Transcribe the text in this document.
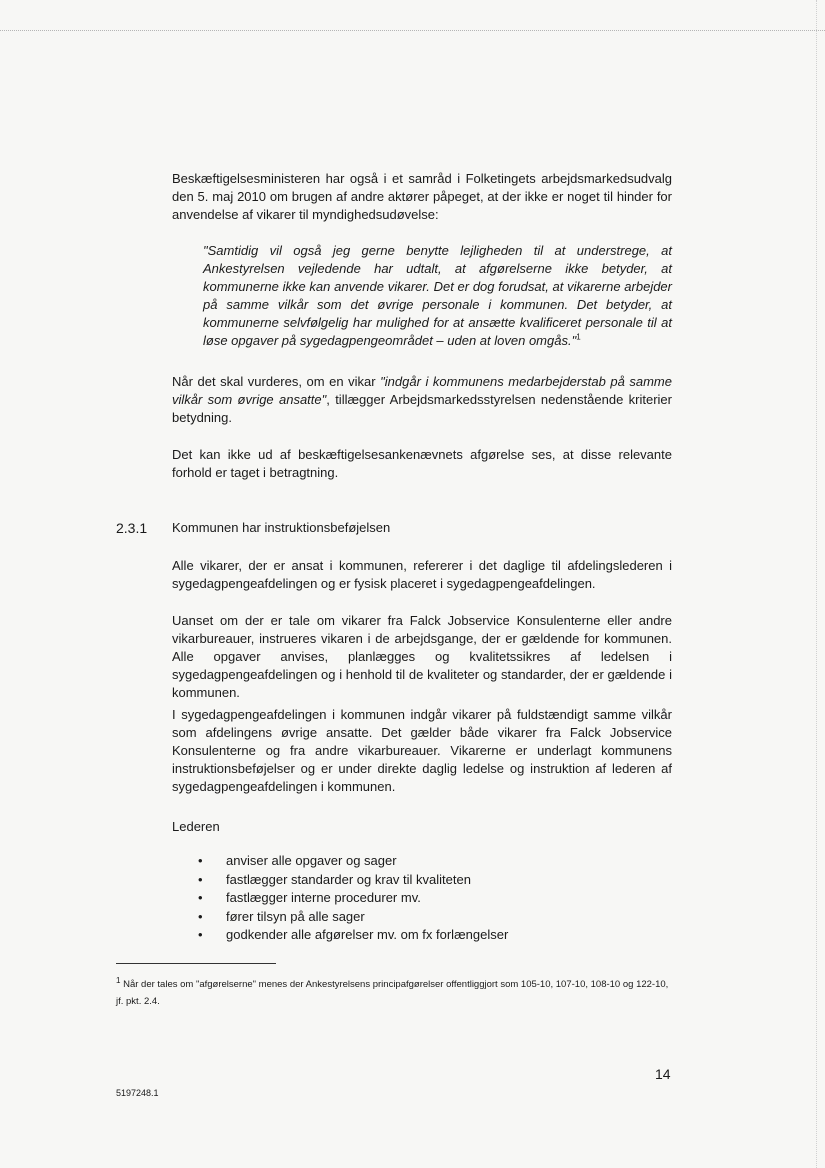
Beskæftigelsesministeren har også i et samråd i Folketingets arbejdsmarkedsudvalg den 5. maj 2010 om brugen af andre aktører påpeget, at der ikke er noget til hinder for anvendelse af vikarer til myndighedsudøvelse:

"Samtidig vil også jeg gerne benytte lejligheden til at understrege, at Ankestyrelsen vejledende har udtalt, at afgørelserne ikke betyder, at kommunerne ikke kan anvende vikarer. Det er dog forudsat, at vikarerne arbejder på samme vilkår som det øvrige personale i kommunen. Det betyder, at kommunerne selvfølgelig har mulighed for at ansætte kvalificeret personale til at løse opgaver på sygedagpengeområdet – uden at loven omgås."$^1$

Når det skal vurderes, om en vikar "indgår i kommunens medarbejderstab på samme vilkår som øvrige ansatte", tillægger Arbejdsmarkedsstyrelsen nedenstående kriterier betydning.

Det kan ikke ud af beskæftigelsesankenævnets afgørelse ses, at disse relevante forhold er taget i betragtning.

2.3.1 Kommunen har instruktionsbeføjelsen

Alle vikarer, der er ansat i kommunen, refererer i det daglige til afdelingslederen i sygedagpengeafdelingen og er fysisk placeret i sygedagpengeafdelingen.

Uanset om der er tale om vikarer fra Falck Jobservice Konsulenterne eller andre vikarbureauer, instrueres vikaren i de arbejdsgange, der er gældende for kommunen. Alle opgaver anvises, planlægges og kvalitetssikres af ledelsen i sygedagpengeafdelingen og i henhold til de kvaliteter og standarder, der er gældende i kommunen.

I sygedagpengeafdelingen i kommunen indgår vikarer på fuldstændigt samme vilkår som afdelingens øvrige ansatte. Det gælder både vikarer fra Falck Jobservice Konsulenterne og fra andre vikarbureauer. Vikarerne er underlagt kommunens instruktionsbeføjelser og er under direkte daglig ledelse og instruktion af lederen af sygedagpengeafdelingen i kommunen.

Lederen

• anviser alle opgaver og sager
• fastlægger standarder og krav til kvaliteten
• fastlægger interne procedurer mv.
• fører tilsyn på alle sager
• godkender alle afgørelser mv. om fx forlængelser

$^1$ Når der tales om "afgørelserne" menes der Ankestyrelsens principafgørelser offentliggjort som 105-10, 107-10, 108-10 og 122-10, jf. pkt. 2.4.

14
5197248.1
